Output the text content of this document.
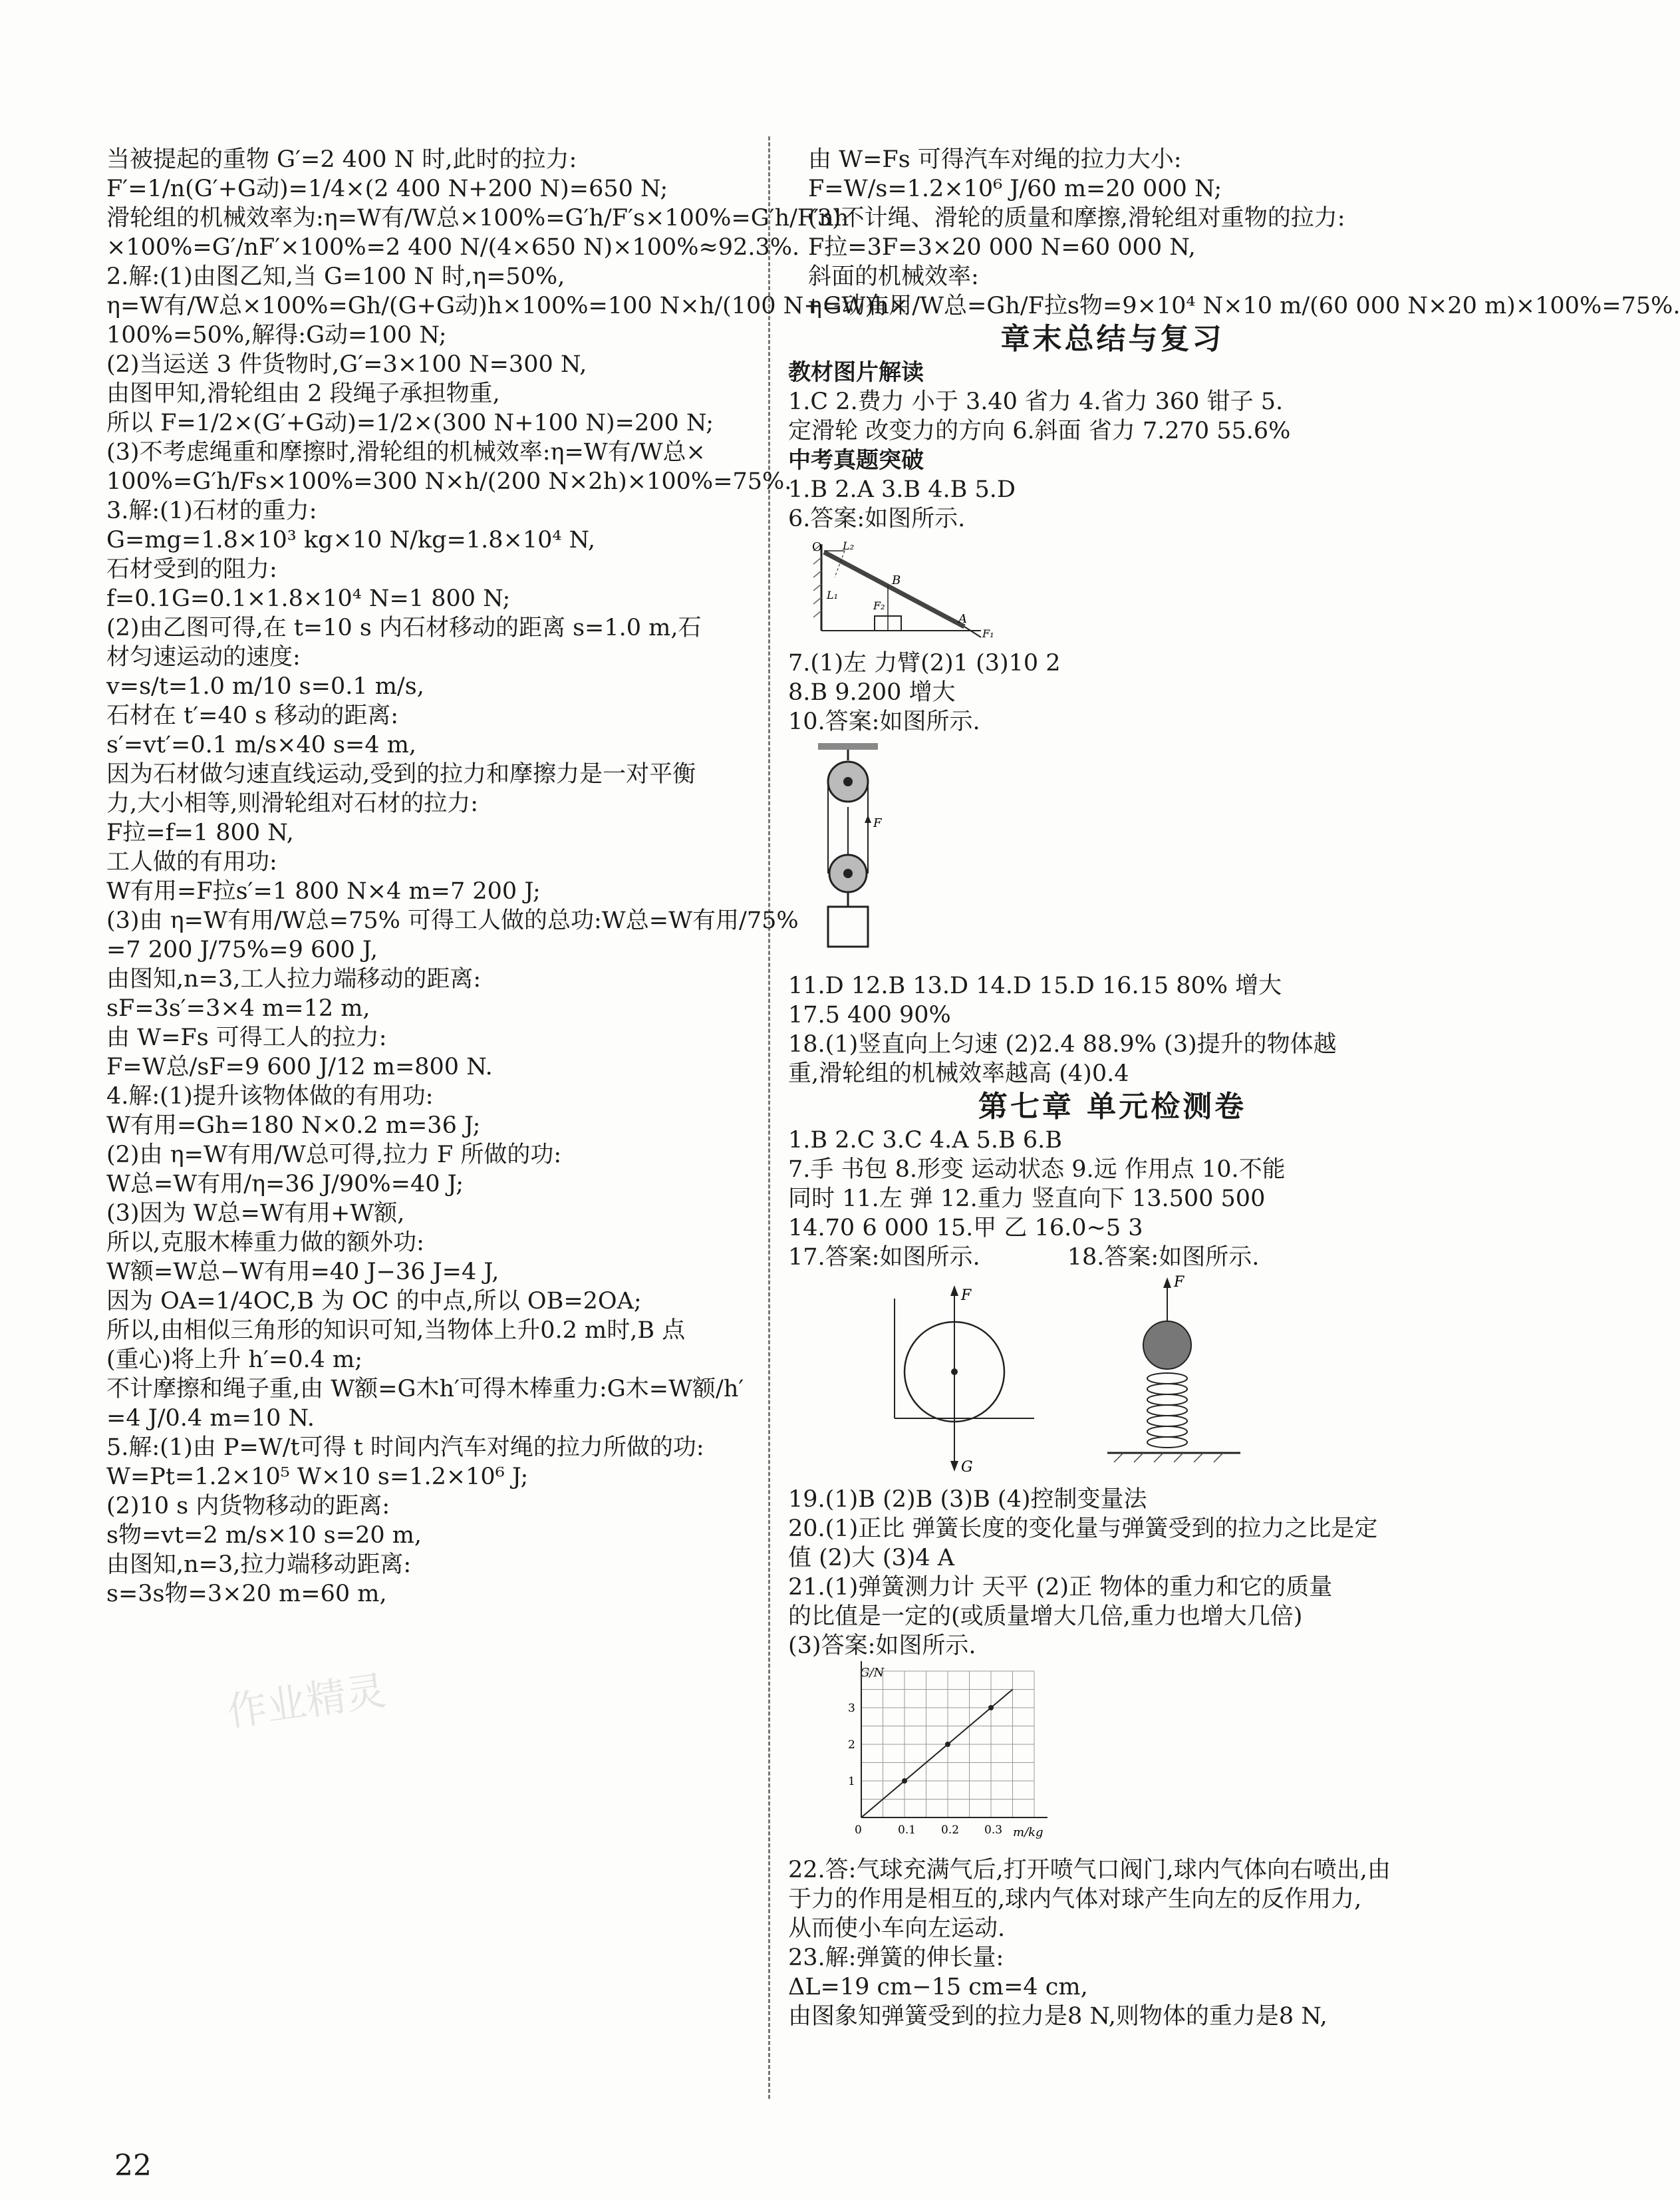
当被提起的重物 G′=2 400 N 时,此时的拉力:
F′=1/n(G′+G动)=1/4×(2 400 N+200 N)=650 N;
滑轮组的机械效率为:η=W有/W总×100%=G′h/F′s×100%=G′h/F′nh
×100%=G′/nF′×100%=2 400 N/(4×650 N)×100%≈92.3%.
2.解:(1)由图乙知,当 G=100 N 时,η=50%,
η=W有/W总×100%=Gh/(G+G动)h×100%=100 N×h/(100 N+G动)h×
100%=50%,解得:G动=100 N;
(2)当运送 3 件货物时,G′=3×100 N=300 N,
由图甲知,滑轮组由 2 段绳子承担物重,
所以 F=1/2×(G′+G动)=1/2×(300 N+100 N)=200 N;
(3)不考虑绳重和摩擦时,滑轮组的机械效率:η=W有/W总×
100%=G′h/Fs×100%=300 N×h/(200 N×2h)×100%=75%.
3.解:(1)石材的重力:
G=mg=1.8×10³ kg×10 N/kg=1.8×10⁴ N,
石材受到的阻力:
f=0.1G=0.1×1.8×10⁴ N=1 800 N;
(2)由乙图可得,在 t=10 s 内石材移动的距离 s=1.0 m,石
材匀速运动的速度:
v=s/t=1.0 m/10 s=0.1 m/s,
石材在 t′=40 s 移动的距离:
s′=vt′=0.1 m/s×40 s=4 m,
因为石材做匀速直线运动,受到的拉力和摩擦力是一对平衡
力,大小相等,则滑轮组对石材的拉力:
F拉=f=1 800 N,
工人做的有用功:
W有用=F拉s′=1 800 N×4 m=7 200 J;
(3)由 η=W有用/W总=75% 可得工人做的总功:W总=W有用/75%
=7 200 J/75%=9 600 J,
由图知,n=3,工人拉力端移动的距离:
sF=3s′=3×4 m=12 m,
由 W=Fs 可得工人的拉力:
F=W总/sF=9 600 J/12 m=800 N.
4.解:(1)提升该物体做的有用功:
W有用=Gh=180 N×0.2 m=36 J;
(2)由 η=W有用/W总可得,拉力 F 所做的功:
W总=W有用/η=36 J/90%=40 J;
(3)因为 W总=W有用+W额,
所以,克服木棒重力做的额外功:
W额=W总−W有用=40 J−36 J=4 J,
因为 OA=1/4OC,B 为 OC 的中点,所以 OB=2OA;
所以,由相似三角形的知识可知,当物体上升0.2 m时,B 点
(重心)将上升 h′=0.4 m;
不计摩擦和绳子重,由 W额=G木h′可得木棒重力:G木=W额/h′
=4 J/0.4 m=10 N.
5.解:(1)由 P=W/t可得 t 时间内汽车对绳的拉力所做的功:
W=Pt=1.2×10⁵ W×10 s=1.2×10⁶ J;
(2)10 s 内货物移动的距离:
s物=vt=2 m/s×10 s=20 m,
由图知,n=3,拉力端移动距离:
s=3s物=3×20 m=60 m,
由 W=Fs 可得汽车对绳的拉力大小:
F=W/s=1.2×10⁶ J/60 m=20 000 N;
(3)不计绳、滑轮的质量和摩擦,滑轮组对重物的拉力:
F拉=3F=3×20 000 N=60 000 N,
斜面的机械效率:
η=W有用/W总=Gh/F拉s物=9×10⁴ N×10 m/(60 000 N×20 m)×100%=75%.
章末总结与复习
教材图片解读
1.C 2.费力 小于 3.40 省力 4.省力 360 钳子 5.
定滑轮 改变力的方向 6.斜面 省力 7.270 55.6%
中考真题突破
1.B 2.A 3.B 4.B 5.D
6.答案:如图所示.
O L₂
B
L₁
F₂
A
F₁
7.(1)左 力臂(2)1 (3)10 2
8.B 9.200 增大
10.答案:如图所示.
F
11.D 12.B 13.D 14.D 15.D 16.15 80% 增大
17.5 400 90%
18.(1)竖直向上匀速 (2)2.4 88.9% (3)提升的物体越
重,滑轮组的机械效率越高 (4)0.4
第七章 单元检测卷
1.B 2.C 3.C 4.A 5.B 6.B
7.手 书包 8.形变 运动状态 9.远 作用点 10.不能
同时 11.左 弹 12.重力 竖直向下 13.500 500
14.70 6 000 15.甲 乙 16.0~5 3
17.答案:如图所示.	18.答案:如图所示.
F
G
F
19.(1)B (2)B (3)B (4)控制变量法
20.(1)正比 弹簧长度的变化量与弹簧受到的拉力之比是定
值 (2)大 (3)4 A
21.(1)弹簧测力计 天平 (2)正 物体的重力和它的质量
的比值是一定的(或质量增大几倍,重力也增大几倍)
(3)答案:如图所示.
G/N
m/kg
0	0.1 0.2 0.3
1
2
3
22.答:气球充满气后,打开喷气口阀门,球内气体向右喷出,由
于力的作用是相互的,球内气体对球产生向左的反作用力,
从而使小车向左运动.
23.解:弹簧的伸长量:
ΔL=19 cm−15 cm=4 cm,
由图象知弹簧受到的拉力是8 N,则物体的重力是8 N,
作业精灵
22
